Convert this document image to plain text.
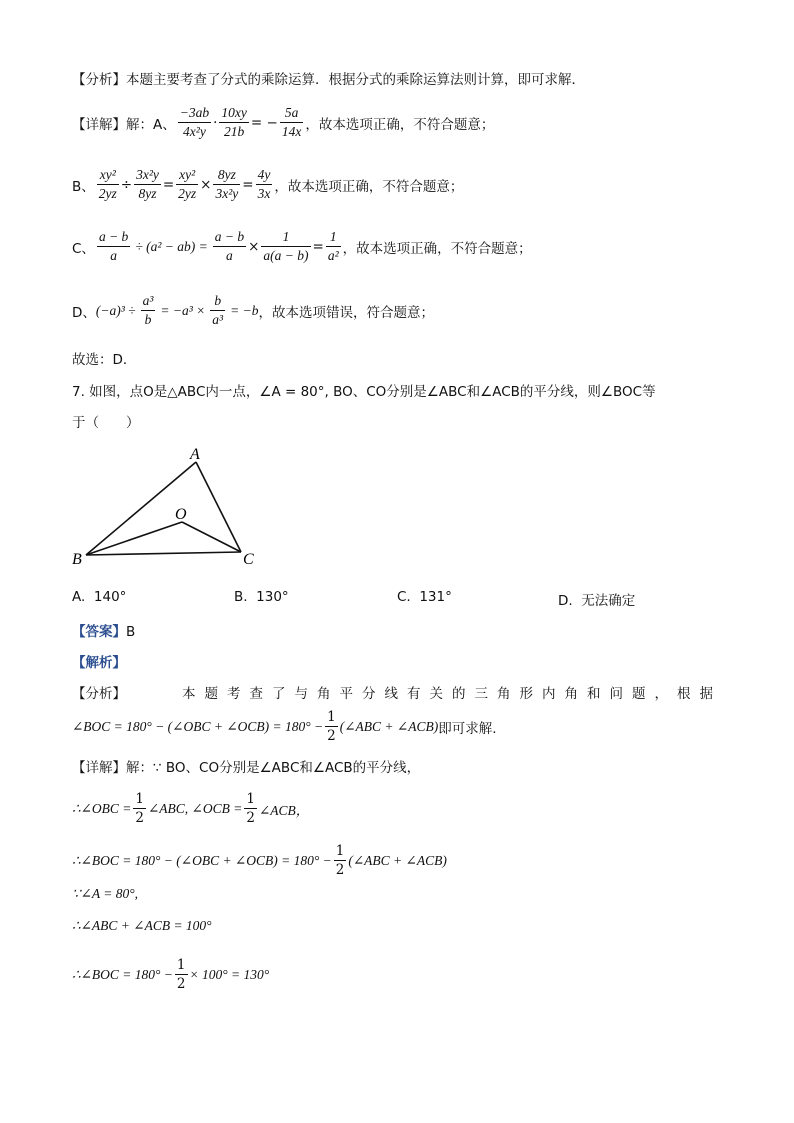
【分析】本题主要考查了分式的乘除运算．根据分式的乘除运算法则计算，即可求解．
【详解】 解：A、 $\frac{-3ab}{\text{4x²y}} \cdot \frac{10xy}{21b}$ = − $\frac{5a}{14x}$ ，故本选项正确，不符合题意；
B、 $\frac{\text{xy²}}{2yz} \div \frac{\text{3x²y}}{8yz} = \frac{\text{xy²}}{2yz} \times \frac{8yz}{\text{3x²y}} = \frac{4y}{3x}$ ，故本选项正确，不符合题意；
C、 $\frac{a - b}{a} \div (a^2 - ab) = \frac{a - b}{a} \times \frac{1}{a(a - b)} = \frac{1}{\text{a²}}$ ，故本选项正确，不符合题意；
D、 $(-a)^3 \div \frac{\text{a³}}{b} = -a^3 \times \frac{b}{\text{a³}} = -b$ ，故本选项错误，符合题意；
故选：D．
7. 如图，点O是△ABC内一点，∠A = 80°, BO、CO分别是∠ABC和∠ACB的平分线，则∠BOC等
于（　　）
A
B	C
O
A. 140°	B. 130°	C. 131°	D. 无法确定
【答案】B
【解析】
【分析】	本题考查了与角平分线有关的三角形内角和问题，根据
∠BOC = 180° − (∠OBC + ∠OCB) = $180^\circ - \frac{1}{2}$ (∠ABC + ∠ACB) 即可求解.
【详解】解：∵ BO、CO分别是∠ABC和∠ACB的平分线，
∴∠OBC = $\frac{1}{2}$ ∠ABC, ∠OCB = $\frac{1}{2}$ ∠ACB，
∴∠BOC = 180° − (∠OBC + ∠OCB) = $180^\circ - \frac{1}{2}$ (∠ABC + ∠ACB)
∵∠A = 80°,
∴∠ABC + ∠ACB = 100°
∴∠BOC = $180^\circ - \frac{1}{2} \times 100^\circ = 130^\circ$
